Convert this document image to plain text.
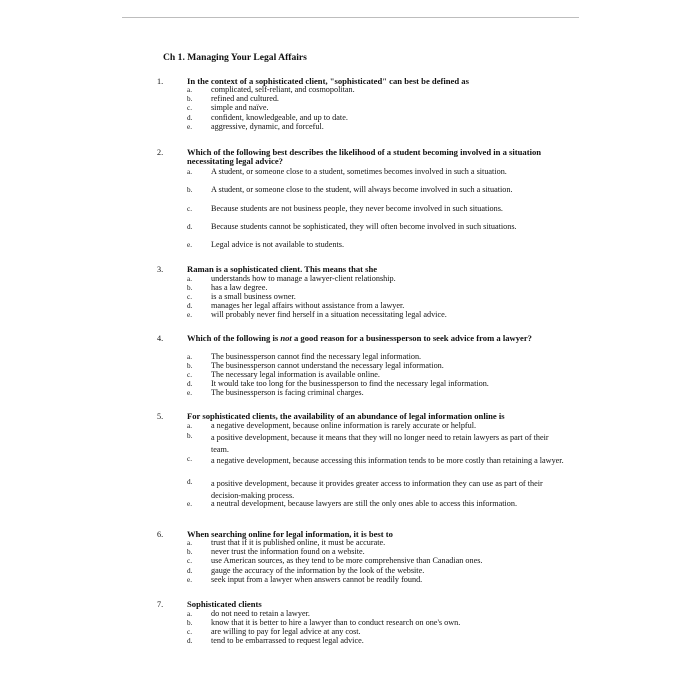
Ch 1. Managing Your Legal Affairs
1.	In the context of a sophisticated client, "sophisticated" can best be defined as
a. complicated, self-reliant, and cosmopolitan.
b. refined and cultured.
c. simple and naïve.
d. confident, knowledgeable, and up to date.
e. aggressive, dynamic, and forceful.
2.	Which of the following best describes the likelihood of a student becoming involved in a situation necessitating legal advice?
a. A student, or someone close to a student, sometimes becomes involved in such a situation.
b. A student, or someone close to the student, will always become involved in such a situation.
c. Because students are not business people, they never become involved in such situations.
d. Because students cannot be sophisticated, they will often become involved in such situations.
e. Legal advice is not available to students.
3.	Raman is a sophisticated client. This means that she
a. understands how to manage a lawyer-client relationship.
b. has a law degree.
c. is a small business owner.
d. manages her legal affairs without assistance from a lawyer.
e. will probably never find herself in a situation necessitating legal advice.
4.	Which of the following is not a good reason for a businessperson to seek advice from a lawyer?
a. The businessperson cannot find the necessary legal information.
b. The businessperson cannot understand the necessary legal information.
c. The necessary legal information is available online.
d. It would take too long for the businessperson to find the necessary legal information.
e. The businessperson is facing criminal charges.
5.	For sophisticated clients, the availability of an abundance of legal information online is
a. a negative development, because online information is rarely accurate or helpful.
b. a positive development, because it means that they will no longer need to retain lawyers as part of their team.
c. a negative development, because accessing this information tends to be more costly than retaining a lawyer.
d. a positive development, because it provides greater access to information they can use as part of their decision-making process.
e. a neutral development, because lawyers are still the only ones able to access this information.
6.	When searching online for legal information, it is best to
a. trust that if it is published online, it must be accurate.
b. never trust the information found on a website.
c. use American sources, as they tend to be more comprehensive than Canadian ones.
d. gauge the accuracy of the information by the look of the website.
e. seek input from a lawyer when answers cannot be readily found.
7.	Sophisticated clients
a. do not need to retain a lawyer.
b. know that it is better to hire a lawyer than to conduct research on one's own.
c. are willing to pay for legal advice at any cost.
d. tend to be embarrassed to request legal advice.
